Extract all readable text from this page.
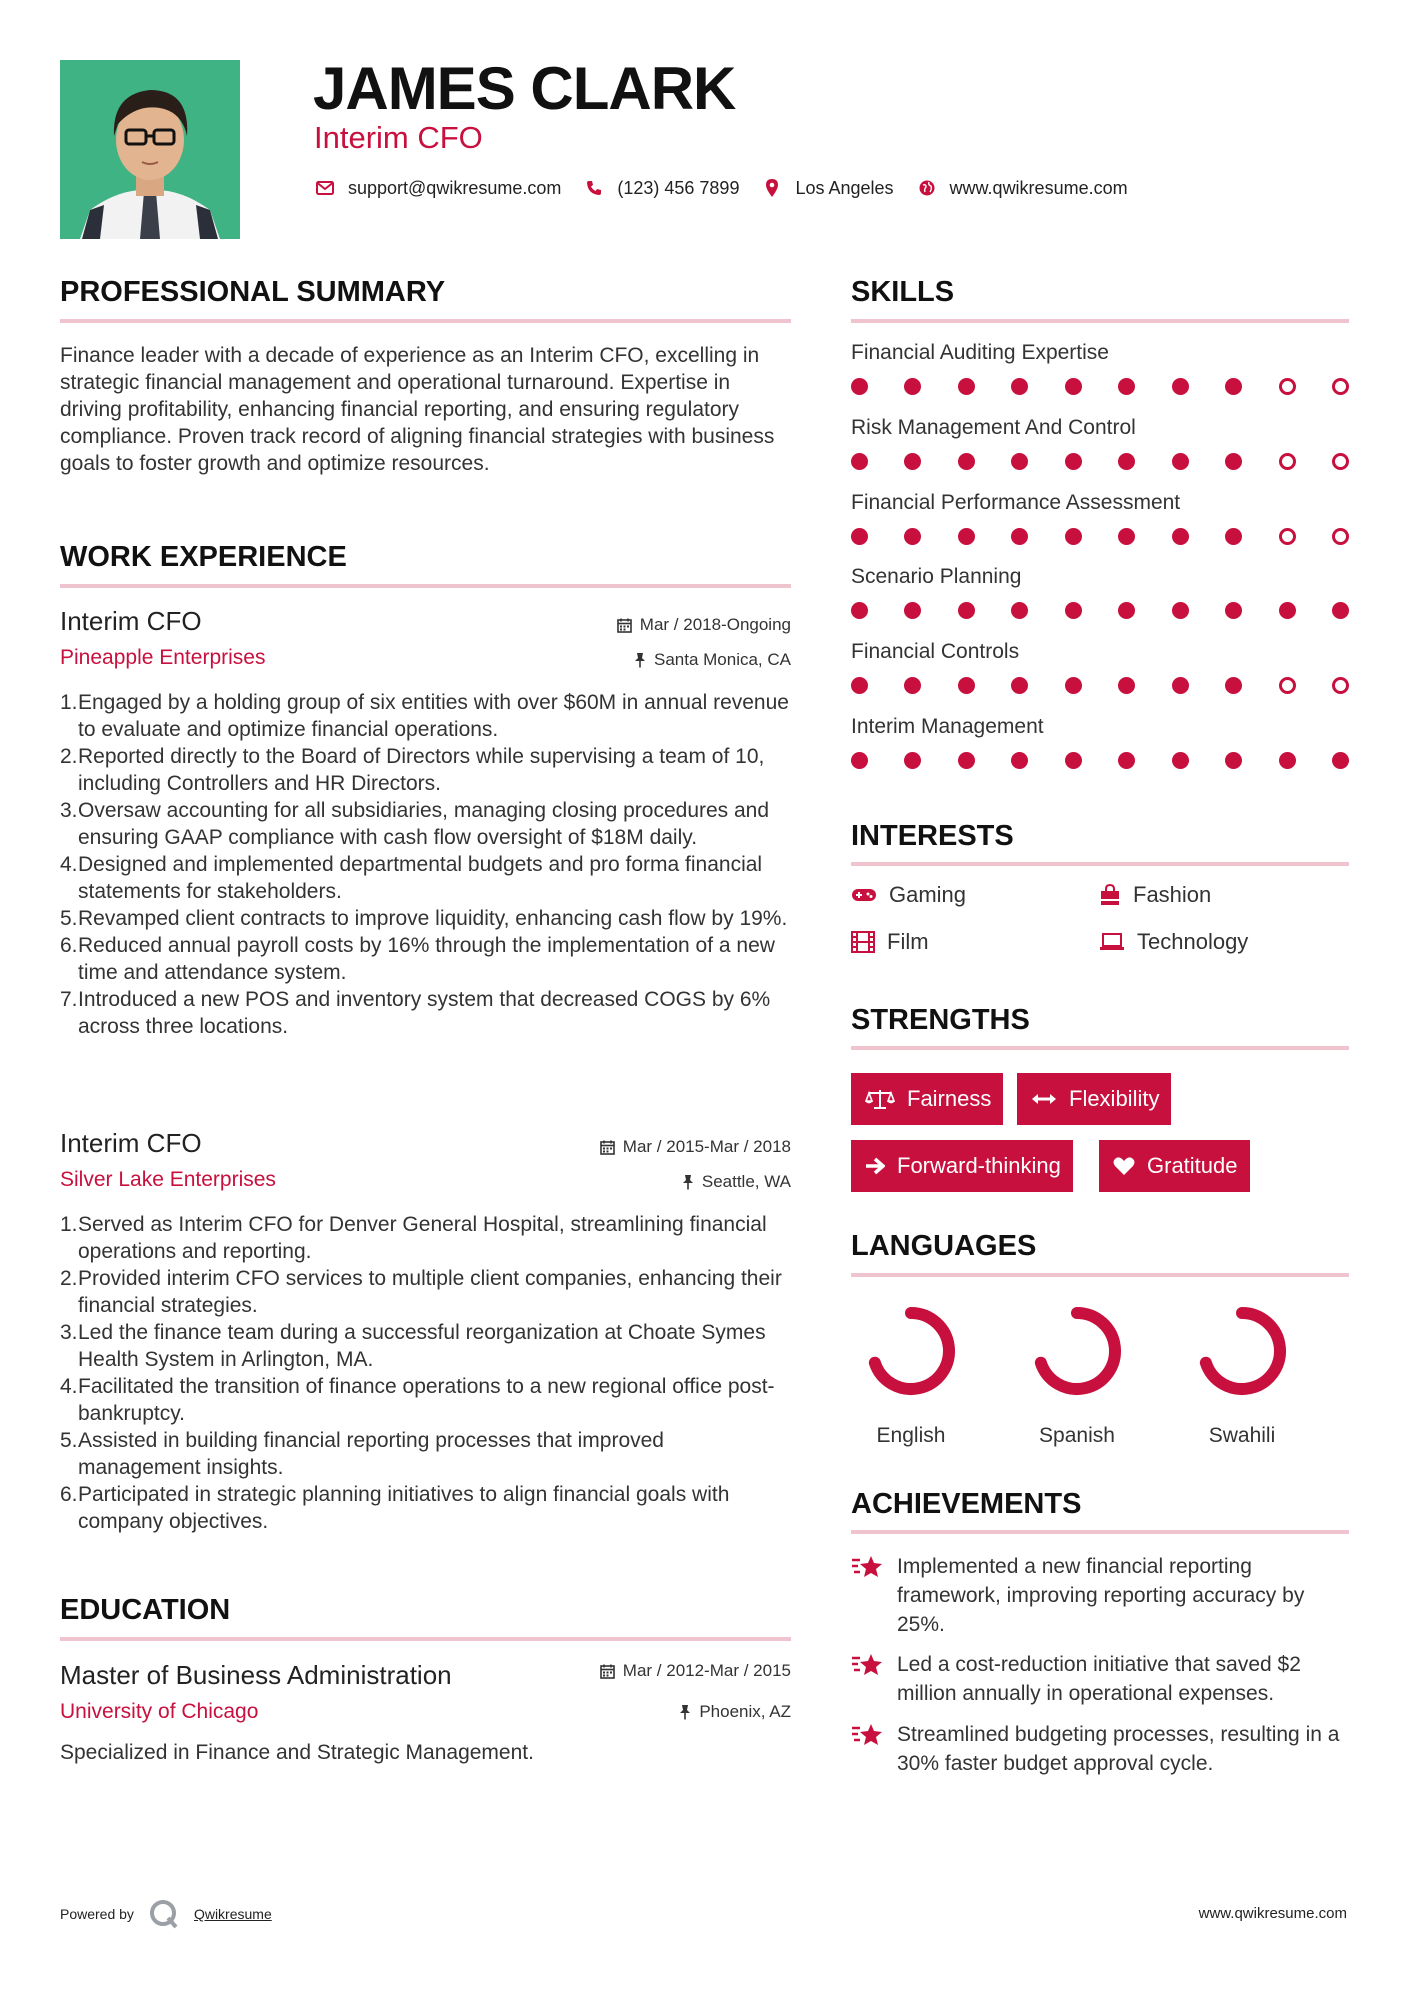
JAMES CLARK
Interim CFO
support@qwikresume.com	(123) 456 7899	Los Angeles	www.qwikresume.com
PROFESSIONAL SUMMARY
Finance leader with a decade of experience as an Interim CFO, excelling in strategic financial management and operational turnaround. Expertise in driving profitability, enhancing financial reporting, and ensuring regulatory compliance. Proven track record of aligning financial strategies with business goals to foster growth and optimize resources.
WORK EXPERIENCE
Interim CFO
Pineapple Enterprises
Mar / 2018-Ongoing
Santa Monica, CA
1. Engaged by a holding group of six entities with over $60M in annual revenue to evaluate and optimize financial operations.
2. Reported directly to the Board of Directors while supervising a team of 10, including Controllers and HR Directors.
3. Oversaw accounting for all subsidiaries, managing closing procedures and ensuring GAAP compliance with cash flow oversight of $18M daily.
4. Designed and implemented departmental budgets and pro forma financial statements for stakeholders.
5. Revamped client contracts to improve liquidity, enhancing cash flow by 19%.
6. Reduced annual payroll costs by 16% through the implementation of a new time and attendance system.
7. Introduced a new POS and inventory system that decreased COGS by 6% across three locations.
Interim CFO
Silver Lake Enterprises
Mar / 2015-Mar / 2018
Seattle, WA
1. Served as Interim CFO for Denver General Hospital, streamlining financial operations and reporting.
2. Provided interim CFO services to multiple client companies, enhancing their financial strategies.
3. Led the finance team during a successful reorganization at Choate Symes Health System in Arlington, MA.
4. Facilitated the transition of finance operations to a new regional office post-bankruptcy.
5. Assisted in building financial reporting processes that improved management insights.
6. Participated in strategic planning initiatives to align financial goals with company objectives.
EDUCATION
Master of Business Administration
University of Chicago
Mar / 2012-Mar / 2015
Phoenix, AZ
Specialized in Finance and Strategic Management.
SKILLS
Financial Auditing Expertise
Risk Management And Control
Financial Performance Assessment
Scenario Planning
Financial Controls
Interim Management
INTERESTS
Gaming	Fashion
Film	Technology
STRENGTHS
Fairness	Flexibility
Forward-thinking	Gratitude
LANGUAGES
English	Spanish	Swahili
ACHIEVEMENTS
Implemented a new financial reporting framework, improving reporting accuracy by 25%.
Led a cost-reduction initiative that saved $2 million annually in operational expenses.
Streamlined budgeting processes, resulting in a 30% faster budget approval cycle.
Powered by	Qwikresume	www.qwikresume.com
